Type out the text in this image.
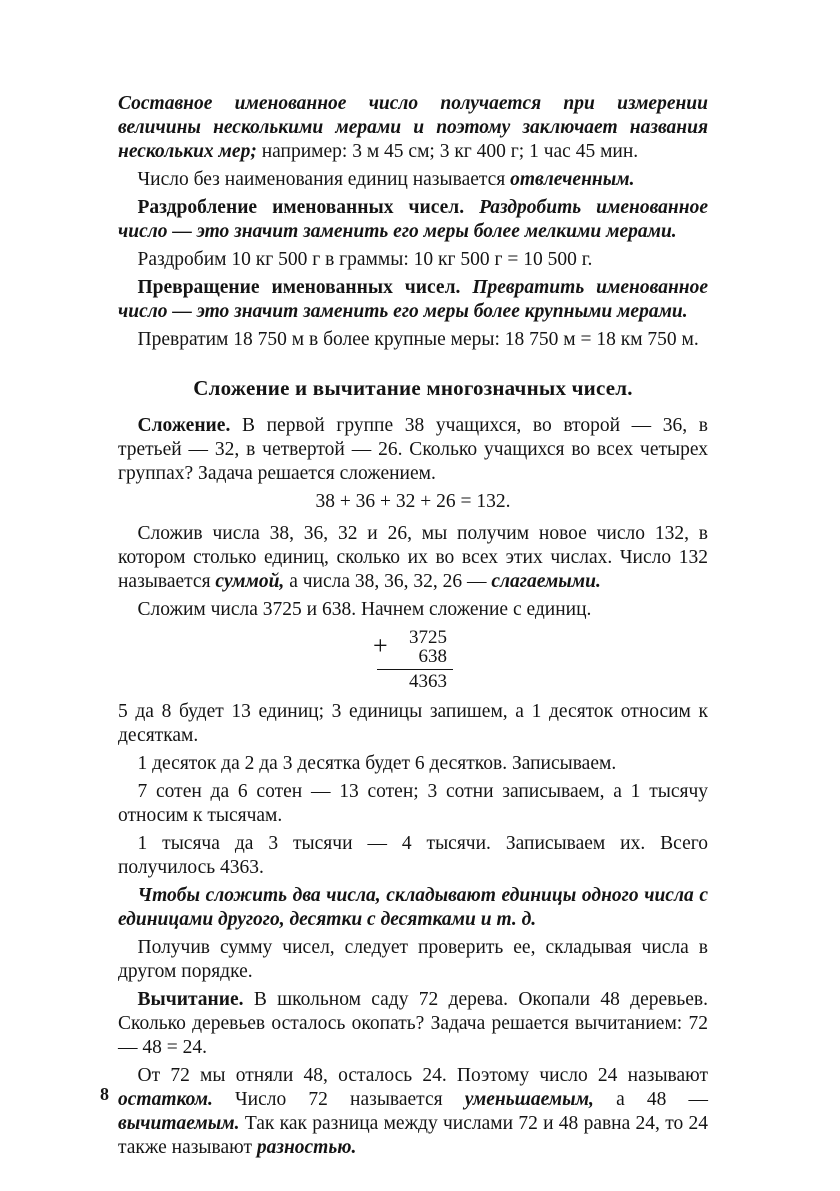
Составное именованное число получается при измерении величины несколькими мерами и поэтому заключает названия нескольких мер; например: 3 м 45 см; 3 кг 400 г; 1 час 45 мин.

 Число без наименования единиц называется отвлеченным.

 Раздробление именованных чисел. Раздробить именованное число — это значит заменить его меры более мелкими мерами.

 Раздробим 10 кг 500 г в граммы: 10 кг 500 г = 10 500 г.

 Превращение именованных чисел. Превратить именованное число — это значит заменить его меры более крупными мерами.

 Превратим 18 750 м в более крупные меры: 18 750 м = 18 км 750 м.

Сложение и вычитание многозначных чисел.

 Сложение. В первой группе 38 учащихся, во второй — 36, в третьей — 32, в четвертой — 26. Сколько учащихся во всех четырех группах? Задача решается сложением.

38 + 36 + 32 + 26 = 132.

 Сложив числа 38, 36, 32 и 26, мы получим новое число 132, в котором столько единиц, сколько их во всех этих числах. Число 132 называется суммой, а числа 38, 36, 32, 26 — слагаемыми.

 Сложим числа 3725 и 638. Начнем сложение с единиц.

+ 3725
638
4363

5 да 8 будет 13 единиц; 3 единицы запишем, а 1 десяток относим к десяткам.

 1 десяток да 2 да 3 десятка будет 6 десятков. Записываем.

 7 сотен да 6 сотен — 13 сотен; 3 сотни записываем, а 1 тысячу относим к тысячам.

 1 тысяча да 3 тысячи — 4 тысячи. Записываем их. Всего получилось 4363.

 Чтобы сложить два числа, складывают единицы одного числа с единицами другого, десятки с десятками и т. д.

 Получив сумму чисел, следует проверить ее, складывая числа в другом порядке.

 Вычитание. В школьном саду 72 дерева. Окопали 48 деревьев. Сколько деревьев осталось окопать? Задача решается вычитанием: 72 — 48 = 24.

 От 72 мы отняли 48, осталось 24. Поэтому число 24 называют остатком. Число 72 называется уменьшаемым, а 48 — вычитаемым. Так как разница между числами 72 и 48 равна 24, то 24 также называют разностью.

8
